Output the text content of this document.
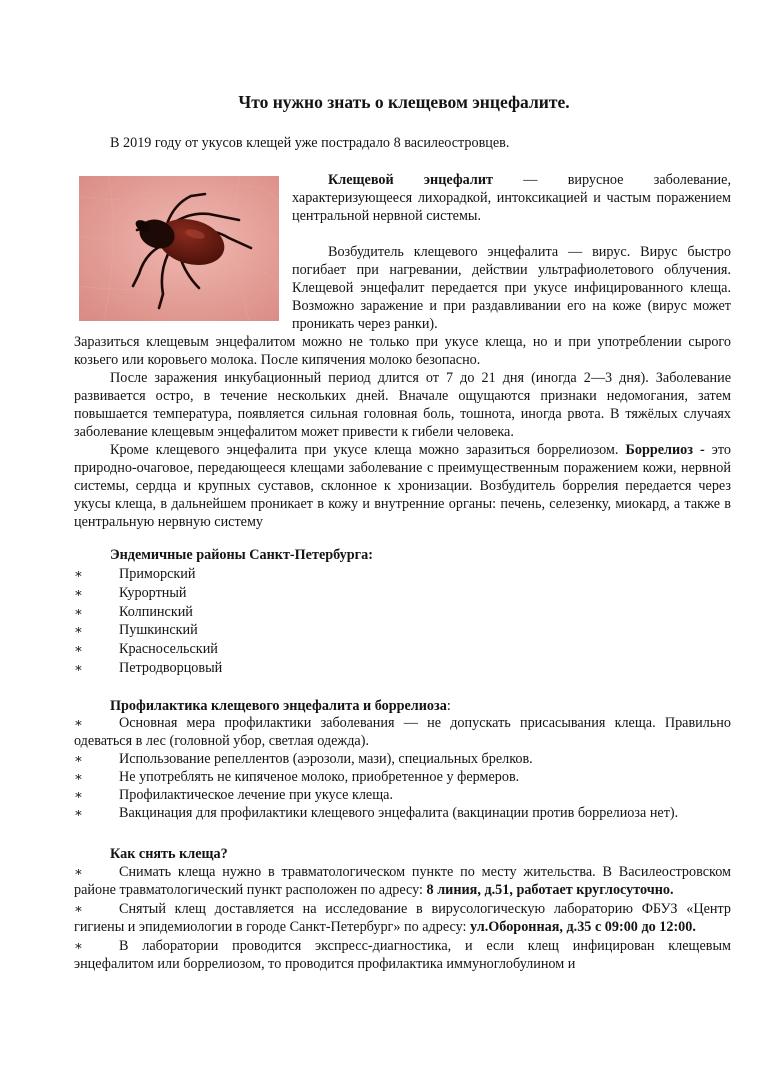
Что нужно знать о клещевом энцефалите.
В 2019 году от укусов клещей уже пострадало 8 василеостровцев.

Клещевой энцефалит — вирусное заболевание, характеризующееся лихорадкой, интоксикацией и частым поражением центральной нервной системы.

Возбудитель клещевого энцефалита — вирус. Вирус быстро погибает при нагревании, действии ультрафиолетового облучения. Клещевой энцефалит передается при укусе инфицированного клеща. Возможно заражение и при раздавливании его на коже (вирус может проникать через ранки).

Заразиться клещевым энцефалитом можно не только при укусе клеща, но и при употреблении сырого козьего или коровьего молока. После кипячения молоко безопасно.

После заражения инкубационный период длится от 7 до 21 дня (иногда 2—3 дня). Заболевание развивается остро, в течение нескольких дней. Вначале ощущаются признаки недомогания, затем повышается температура, появляется сильная головная боль, тошнота, иногда рвота. В тяжёлых случаях заболевание клещевым энцефалитом может привести к гибели человека.

Кроме клещевого энцефалита при укусе клеща можно заразиться боррелиозом. Боррелиоз - это природно-очаговое, передающееся клещами заболевание с преимущественным поражением кожи, нервной системы, сердца и крупных суставов, склонное к хронизации. Возбудитель боррелия передается через укусы клеща, в дальнейшем проникает в кожу и внутренние органы: печень, селезенку, миокард, а также в центральную нервную систему

Эндемичные районы Санкт-Петербурга:
∗	Приморский
∗	Курортный
∗	Колпинский
∗	Пушкинский
∗	Красносельский
∗	Петродворцовый
Профилактика клещевого энцефалита и боррелиоза:
∗	Основная мера профилактики заболевания — не допускать присасывания клеща. Правильно одеваться в лес (головной убор, светлая одежда).
∗	Использование репеллентов (аэрозоли, мази), специальных брелков.
∗	Не употреблять не кипяченое молоко, приобретенное у фермеров.
∗	Профилактическое лечение при укусе клеща.
∗	Вакцинация для профилактики клещевого энцефалита (вакцинации против боррелиоза нет).
Как снять клеща?
∗	Снимать клеща нужно в травматологическом пункте по месту жительства. В Василеостровском районе травматологический пункт расположен по адресу: 8 линия, д.51, работает круглосуточно.
∗	Снятый клещ доставляется на исследование в вирусологическую лабораторию ФБУЗ «Центр гигиены и эпидемиологии в городе Санкт-Петербург» по адресу: ул.Оборонная, д.35 с 09:00 до 12:00.
∗	В лаборатории проводится экспресс-диагностика, и если клещ инфицирован клещевым энцефалитом или боррелиозом, то проводится профилактика иммуноглобулином и
